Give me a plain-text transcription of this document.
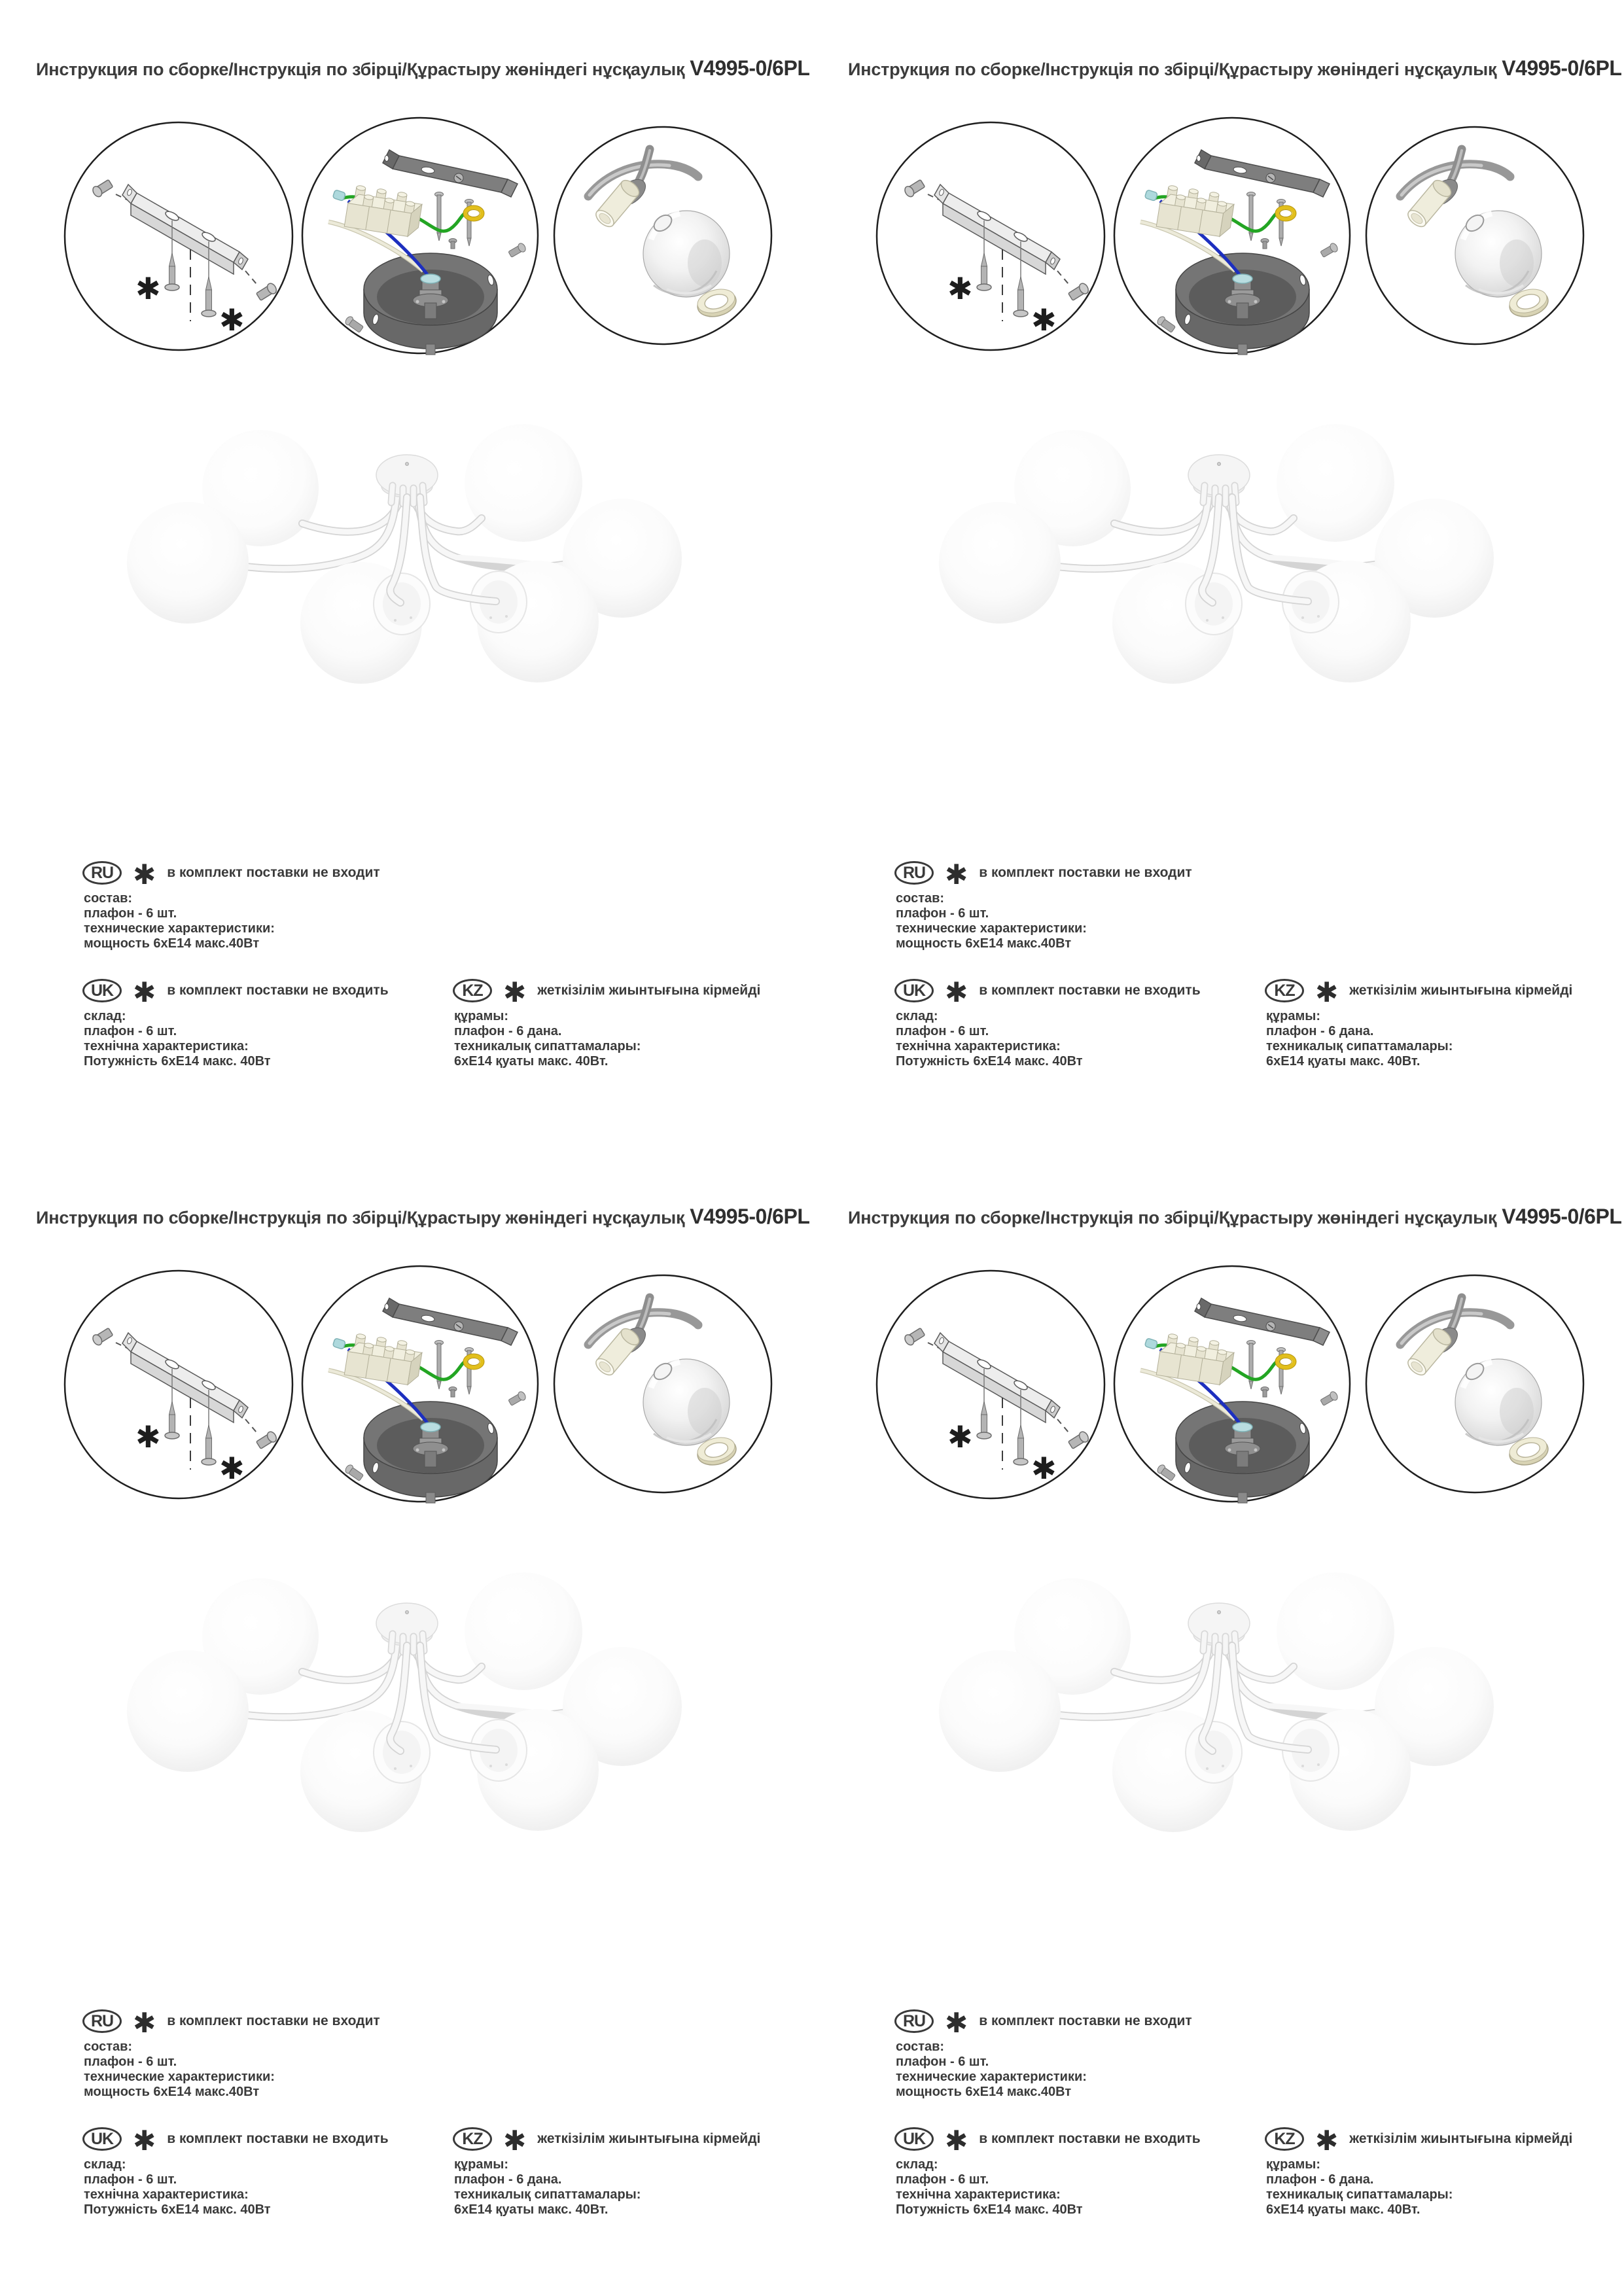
Инструкция по сборке/Інструкція по збірці/Құрастыру жөніндегі нұсқаулық V4995-0/6PL
✱
✱
RU ✱ в комплект поставки не входит
состав:
плафон - 6 шт.
технические характеристики:
мощность 6хЕ14 макс.40Вт
UK ✱ в комплект поставки не входить
склад:
плафон - 6 шт.
технічна характеристика:
Потужність 6хЕ14 макс. 40Вт
KZ ✱ жеткізілім жиынтығына кірмейді
құрамы:
плафон - 6 дана.
техникалық сипаттамалары:
6хЕ14 қуаты макс. 40Вт.
Инструкция по сборке/Інструкція по збірці/Құрастыру жөніндегі нұсқаулық V4995-0/6PL
✱
✱
RU ✱ в комплект поставки не входит
состав:
плафон - 6 шт.
технические характеристики:
мощность 6хЕ14 макс.40Вт
UK ✱ в комплект поставки не входить
склад:
плафон - 6 шт.
технічна характеристика:
Потужність 6хЕ14 макс. 40Вт
KZ ✱ жеткізілім жиынтығына кірмейді
құрамы:
плафон - 6 дана.
техникалық сипаттамалары:
6хЕ14 қуаты макс. 40Вт.
Инструкция по сборке/Інструкція по збірці/Құрастыру жөніндегі нұсқаулық V4995-0/6PL
✱
✱
RU ✱ в комплект поставки не входит
состав:
плафон - 6 шт.
технические характеристики:
мощность 6хЕ14 макс.40Вт
UK ✱ в комплект поставки не входить
склад:
плафон - 6 шт.
технічна характеристика:
Потужність 6хЕ14 макс. 40Вт
KZ ✱ жеткізілім жиынтығына кірмейді
құрамы:
плафон - 6 дана.
техникалық сипаттамалары:
6хЕ14 қуаты макс. 40Вт.
Инструкция по сборке/Інструкція по збірці/Құрастыру жөніндегі нұсқаулық V4995-0/6PL
✱
✱
RU ✱ в комплект поставки не входит
состав:
плафон - 6 шт.
технические характеристики:
мощность 6хЕ14 макс.40Вт
UK ✱ в комплект поставки не входить
склад:
плафон - 6 шт.
технічна характеристика:
Потужність 6хЕ14 макс. 40Вт
KZ ✱ жеткізілім жиынтығына кірмейді
құрамы:
плафон - 6 дана.
техникалық сипаттамалары:
6хЕ14 қуаты макс. 40Вт.
